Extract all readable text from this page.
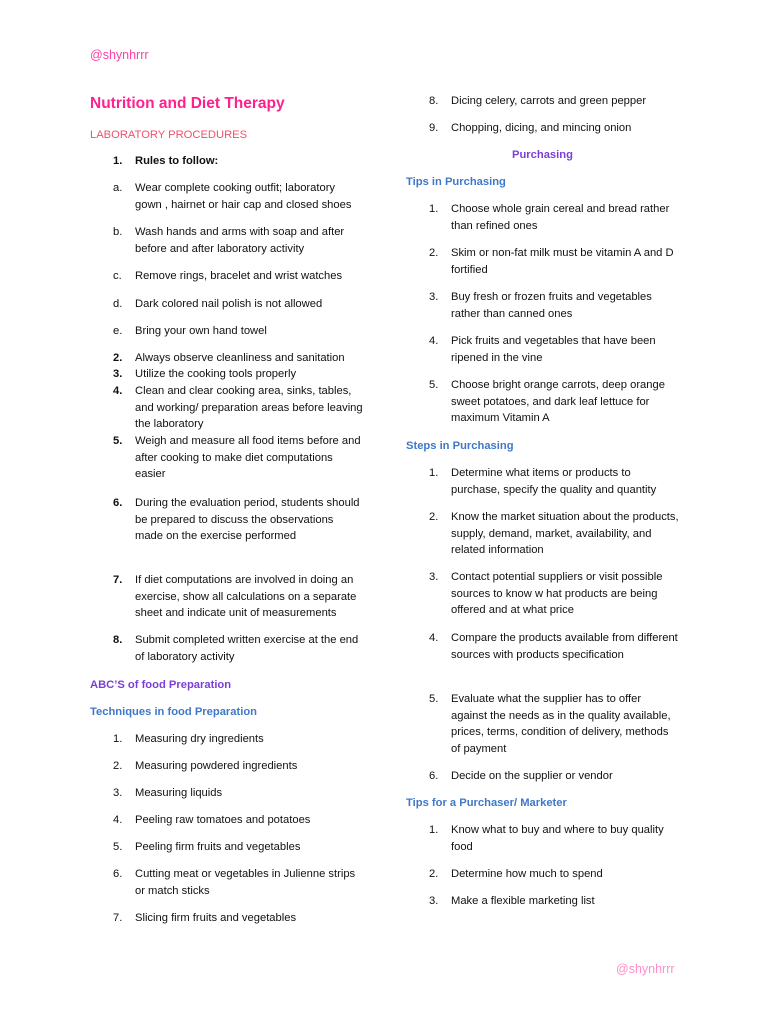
@shynhrrr
@shynhrrr
Nutrition and Diet Therapy
LABORATORY PROCEDURES
1.	Rules to follow:
a.	Wear complete cooking outfit; laboratory gown , hairnet or hair cap and closed shoes
b.	Wash hands and arms with soap and after before and after laboratory activity
c.	Remove rings, bracelet and wrist watches
d.	Dark colored nail polish is not allowed
e.	Bring your own hand towel
2.	Always observe cleanliness and sanitation
3.	Utilize the cooking tools properly
4.	Clean and clear cooking area, sinks, tables, and working/ preparation areas before leaving the laboratory
5.	Weigh and measure all food items before and after cooking to make diet computations easier
6.	During the evaluation period, students should be prepared to discuss the observations made on the exercise performed
7.	If diet computations are involved in doing an exercise, show all calculations on a separate sheet and indicate unit of measurements
8.	Submit completed written exercise at the end of laboratory activity
ABC’S of food Preparation
Techniques in food Preparation
1.	Measuring dry ingredients
2.	Measuring powdered ingredients
3.	Measuring liquids
4.	Peeling raw tomatoes and potatoes
5.	Peeling firm fruits and vegetables
6.	Cutting meat or vegetables in Julienne strips or match sticks
7.	Slicing firm fruits and vegetables
8.	Dicing celery, carrots and green pepper
9.	Chopping, dicing, and mincing onion
Purchasing
Tips in Purchasing
1.	Choose whole grain cereal and bread rather than refined ones
2.	Skim or non-fat milk must be vitamin A and D fortified
3.	Buy fresh or frozen fruits and vegetables rather than canned ones
4.	Pick fruits and vegetables that have been ripened in the vine
5.	Choose bright orange carrots, deep orange sweet potatoes, and dark leaf lettuce for maximum Vitamin A
Steps in Purchasing
1.	Determine what items or products to purchase, specify the quality and quantity
2.	Know the market situation about the products, supply, demand, market, availability, and related information
3.	Contact potential suppliers or visit possible sources to know w hat products are being offered and at what price
4.	Compare the products available from different sources with products specification
5.	Evaluate what the supplier has to offer against the needs as in the quality available, prices, terms, condition of delivery, methods of payment
6.	Decide on the supplier or vendor
Tips for a Purchaser/ Marketer
1.	Know what to buy and where to buy quality food
2.	Determine how much to spend
3.	Make a flexible marketing list
